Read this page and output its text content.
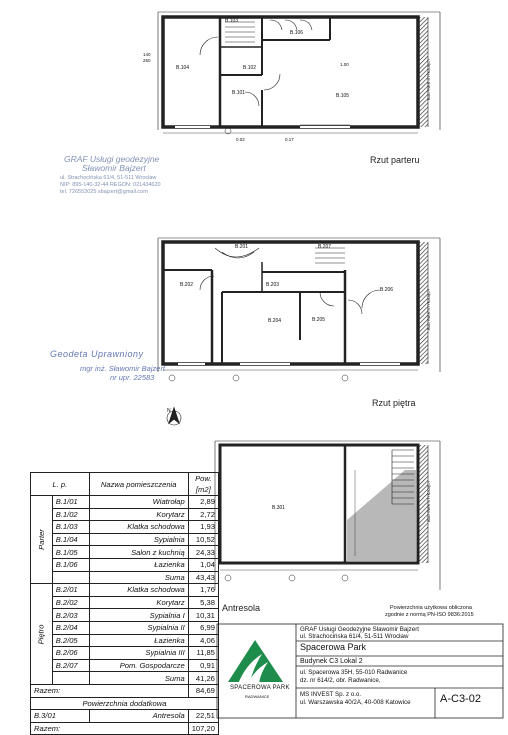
B.104
B.103
B.102
B.101	B.105
B.106
1.00
0.17
0.02
140
250	BUDYNEK STYKAJĄCY
Rzut parteru
B.202	B.203
B.204	B.205
B.206
B.207
B.201
BUDYNEK STYKAJĄCY
Rzut piętra
B.301	BUDYNEK STYKAJĄCY
Antresola
N
GRAF Usługi geodezyjne
Sławomir Bajzert
ul. Strachocińska 61/4, 51-511 Wrocław
NIP: 895-140-32-44 REGON: 021434620
tel. 726553025 sbajzert@gmail.com
Geodeta Uprawniony
mgr inż. Sławomir Bajzert
nr upr. 22583
L. p.		Nazwa pomieszczenia	Pow. [m2]
Parter	B.1/01	Wiatrołap	2,89
	B.1/02	Korytarz	2,72
	B.1/03	Klatka schodowa	1,93
	B.1/04	Sypialnia	10,52
	B.1/05	Salon z kuchnią	24,33
	B.1/06	Łazienka	1,04
		Suma	43,43
Piętro	B.2/01	Klatka schodowa	1,76
	B.2/02	Korytarz	5,38
	B.2/03	Sypialnia I	10,31
	B.2/04	Sypialnia II	6,99
	B.2/05	Łazienka	4,06
	B.2/06	Sypialnia III	11,85
	B.2/07	Pom. Gospodarcze	0,91
		Suma	41,26
Razem:			84,69
Powierzchnia dodatkowa			
B.3/01		Antresola	22,51
Razem:			107,20
Powierzchnia użytkowa obliczona
zgodnie z normą PN-ISO 9836:2015
SPACEROWA PARK
RADWANICE
GRAF Usługi Geodezyjne Sławomir Bajzert
ul. Strachocińska 61/4, 51-511 Wrocław
Spacerowa Park
Budynek C3 Lokal 2
ul. Spacerowa 35H, 55-010 Radwanice
dz. nr 614/2, obr. Radwanice,
MS INVEST Sp. z o.o.
ul. Warszawska 40/2A, 40-008 Katowice	A-C3-02
